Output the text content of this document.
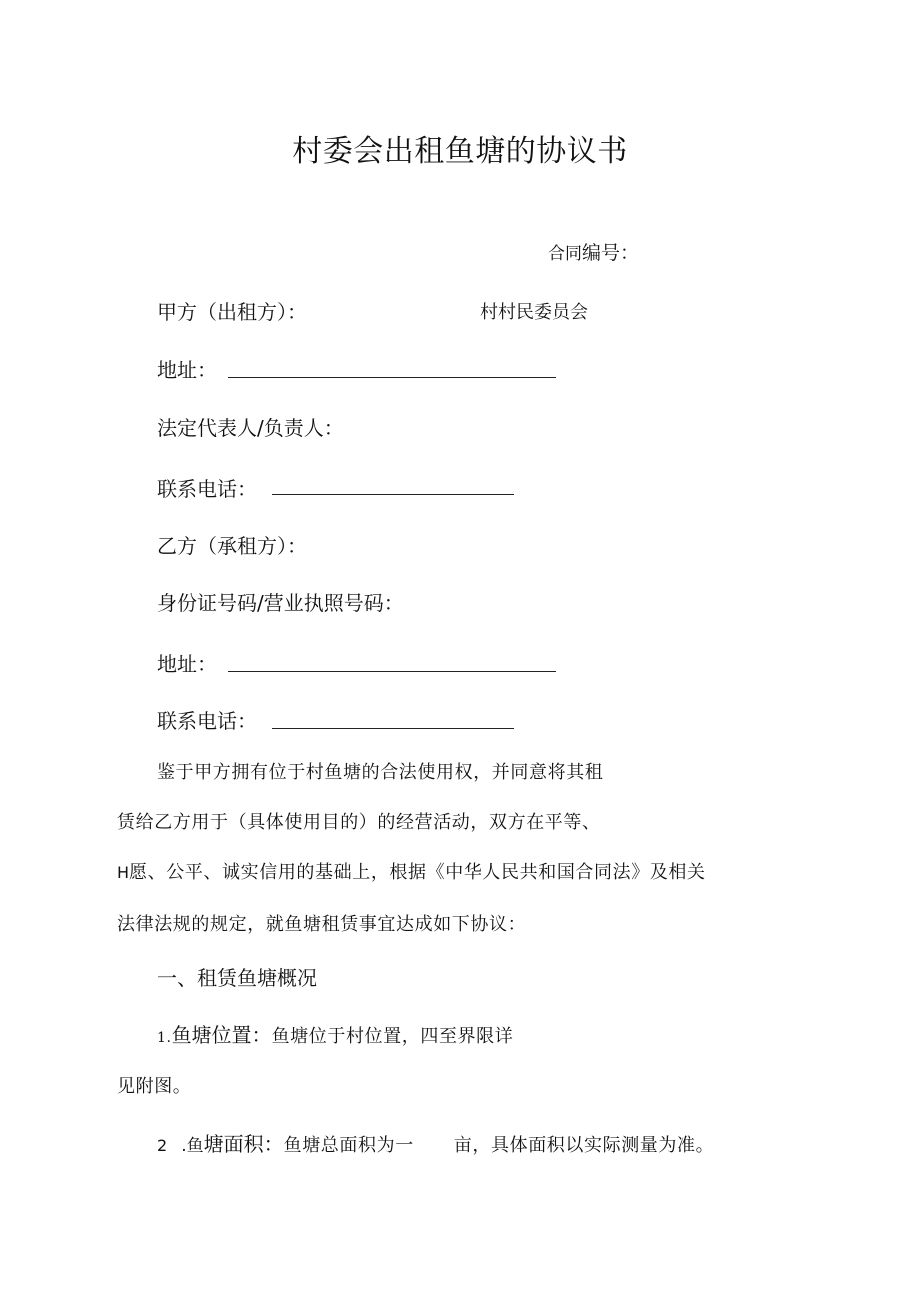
村委会出租鱼塘的协议书
合同编号：
甲方（出租方）：	村村民委员会
地址：
法定代表人/负责人：
联系电话：
乙方（承租方）：
身份证号码/营业执照号码：
地址：
联系电话：
鉴于甲方拥有位于村鱼塘的合法使用权，并同意将其租
赁给乙方用于（具体使用目的）的经营活动，双方在平等、
H愿、公平、诚实信用的基础上，根据《中华人民共和国合同法》及相关
法律法规的规定，就鱼塘租赁事宜达成如下协议：
一、租赁鱼塘概况
1.鱼塘位置：鱼塘位于村位置，四至界限详
见附图。
2 .鱼塘面积：鱼塘总面积为一 亩，具体面积以实际测量为准。
